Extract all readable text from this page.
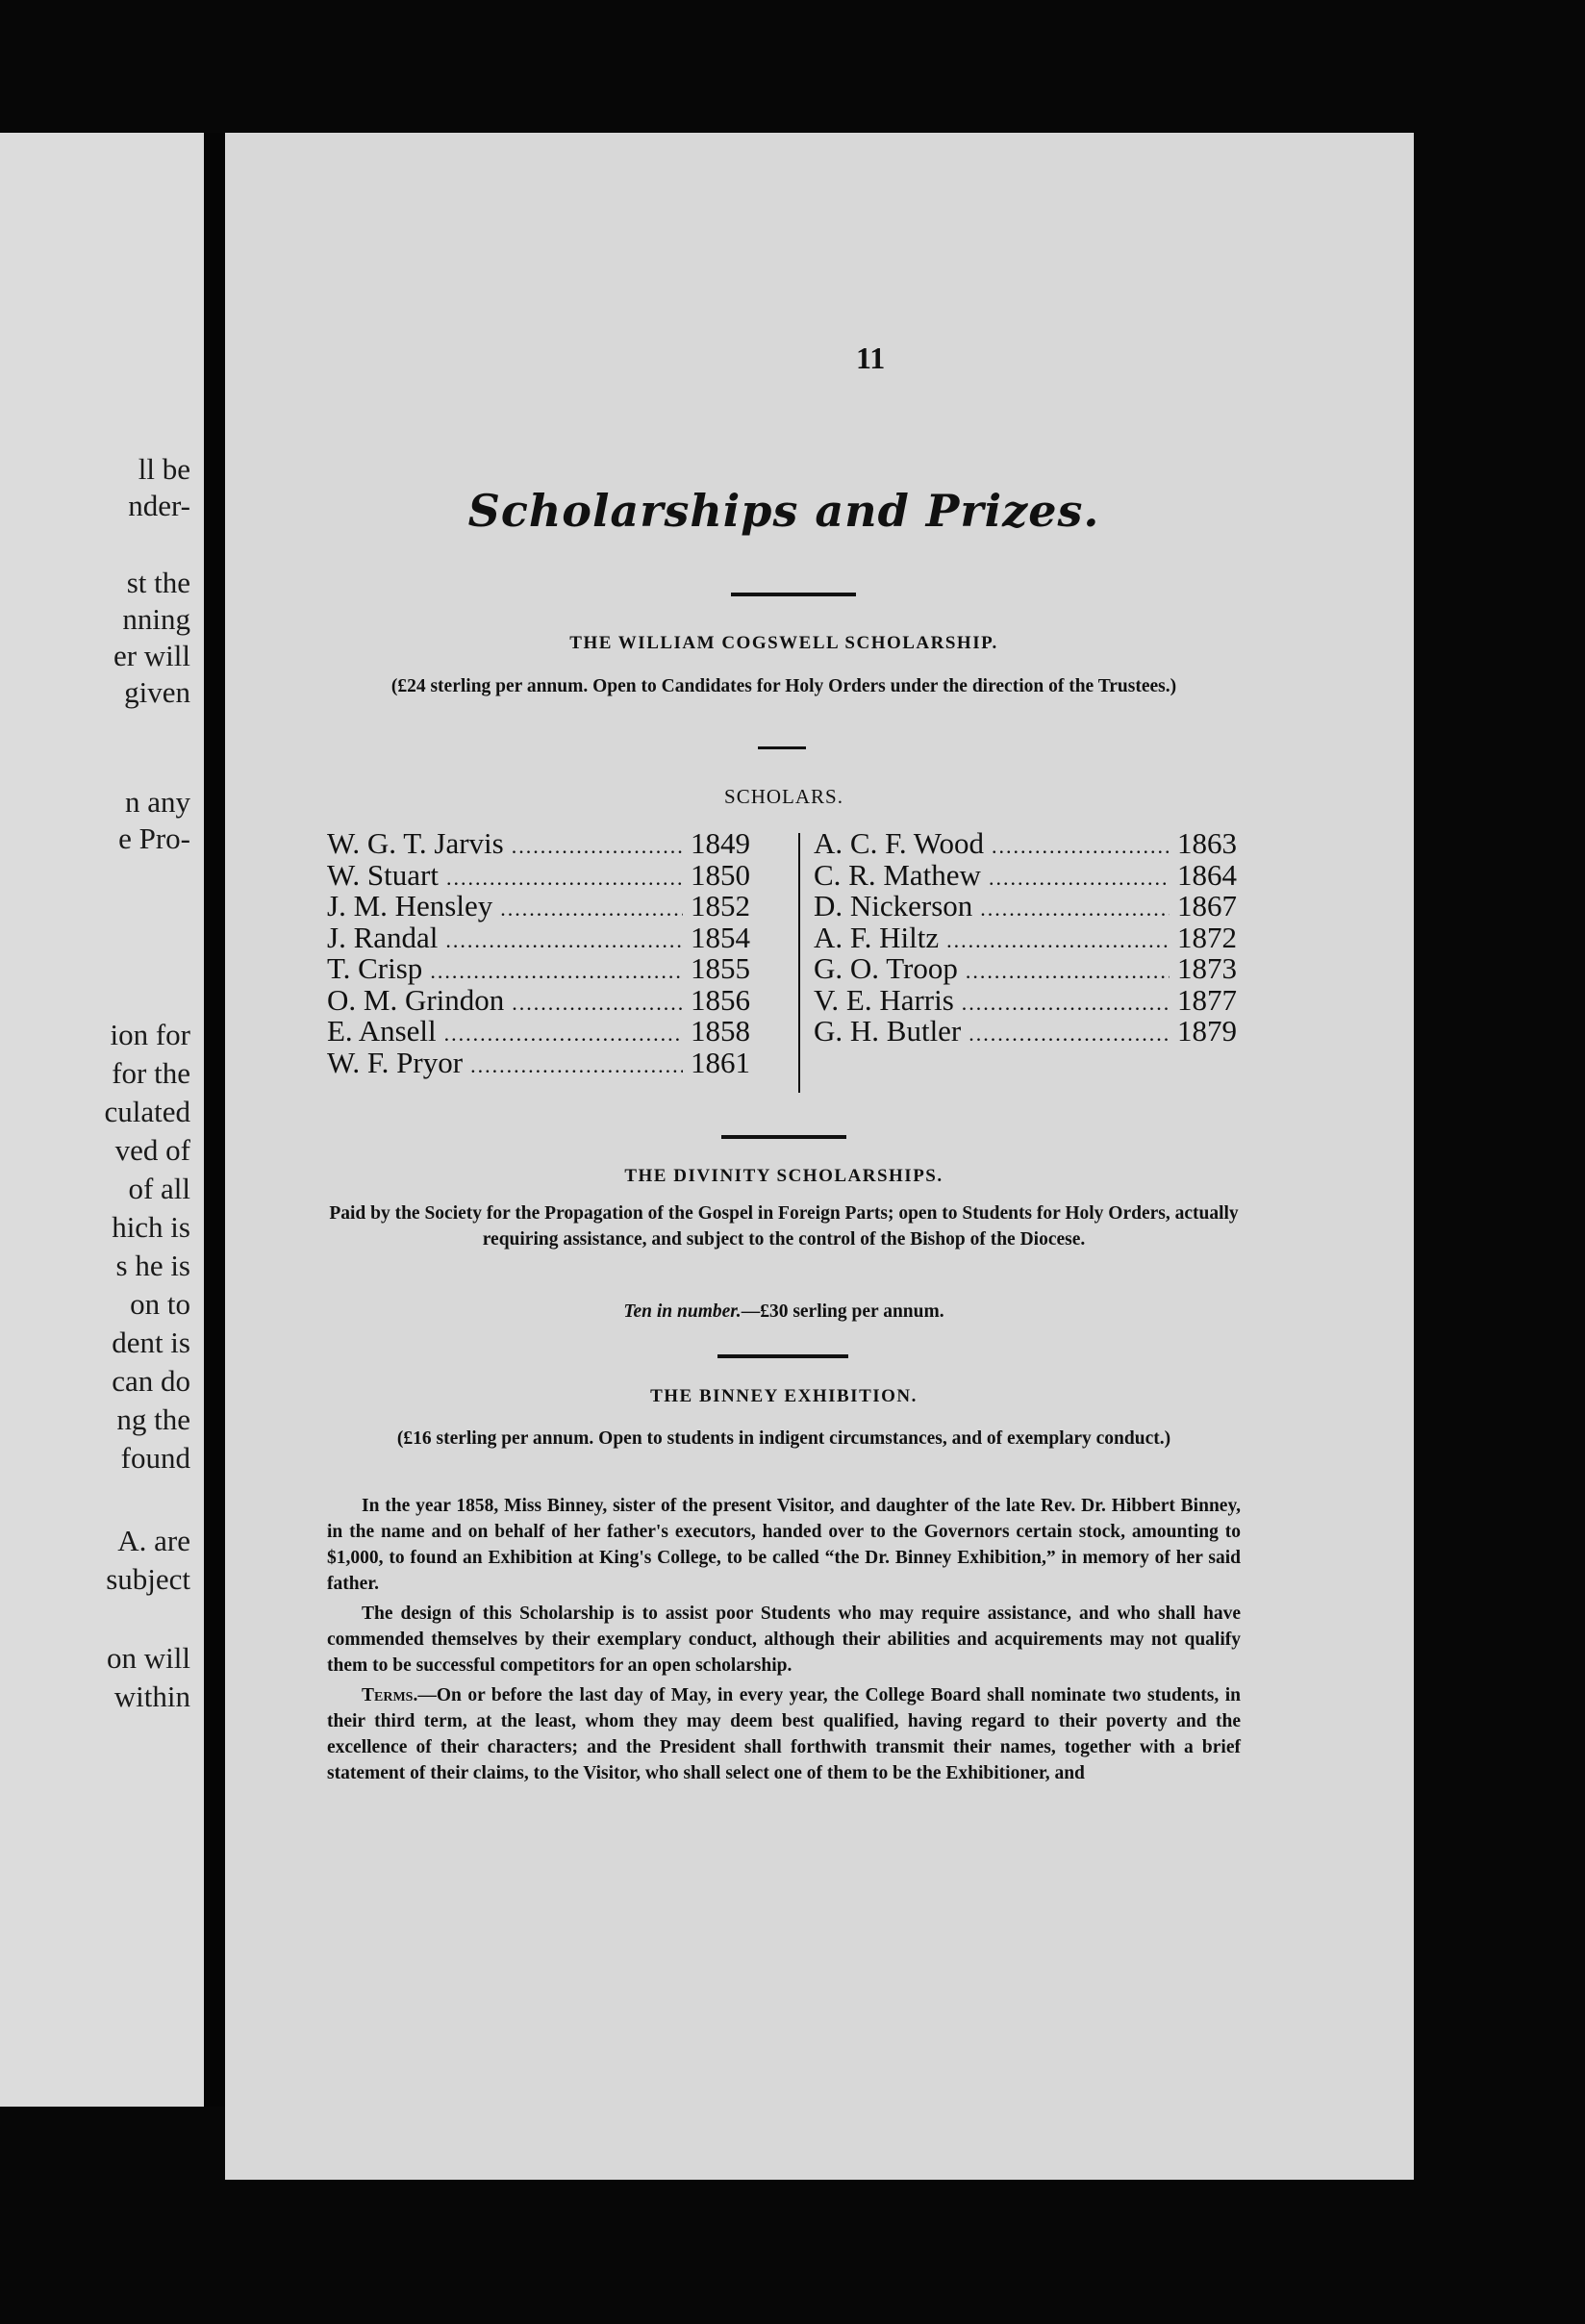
ll be
nder-
st the
nning
er will
given
n any
e Pro-
ion for
for the
culated
ved of
of all
hich is
s he is
on to
dent is
can do
ng the
found
A. are
subject
on will
within
11
Scholarships and Prizes.
THE WILLIAM COGSWELL SCHOLARSHIP.
(£24 sterling per annum. Open to Candidates for Holy Orders under the direction of the Trustees.)
SCHOLARS.
W. G. T. Jarvis .....	1849
W. Stuart .....	1850
J. M. Hensley .....	1852
J. Randal .....	1854
T. Crisp .....	1855
O. M. Grindon .....	1856
E. Ansell .....	1858
W. F. Pryor .....	1861
A. C. F. Wood .....	1863
C. R. Mathew .....	1864
D. Nickerson .....	1867
A. F. Hiltz .....	1872
G. O. Troop .....	1873
V. E. Harris .....	1877
G. H. Butler .....	1879
THE DIVINITY SCHOLARSHIPS.
Paid by the Society for the Propagation of the Gospel in Foreign Parts; open to Students for Holy Orders, actually requiring assistance, and subject to the control of the Bishop of the Diocese.
Ten in number.—£30 serling per annum.
THE BINNEY EXHIBITION.
(£16 sterling per annum. Open to students in indigent circumstances, and of exemplary conduct.)

In the year 1858, Miss Binney, sister of the present Visitor, and daughter of the late Rev. Dr. Hibbert Binney, in the name and on behalf of her father's executors, handed over to the Governors certain stock, amounting to $1,000, to found an Exhibition at King's College, to be called “the Dr. Binney Exhibition,” in memory of her said father.

The design of this Scholarship is to assist poor Students who may require assistance, and who shall have commended themselves by their exemplary conduct, although their abilities and acquirements may not qualify them to be successful competitors for an open scholarship.

Terms.—On or before the last day of May, in every year, the College Board shall nominate two students, in their third term, at the least, whom they may deem best qualified, having regard to their poverty and the excellence of their characters; and the President shall forthwith transmit their names, together with a brief statement of their claims, to the Visitor, who shall select one of them to be the Exhibitioner, and
